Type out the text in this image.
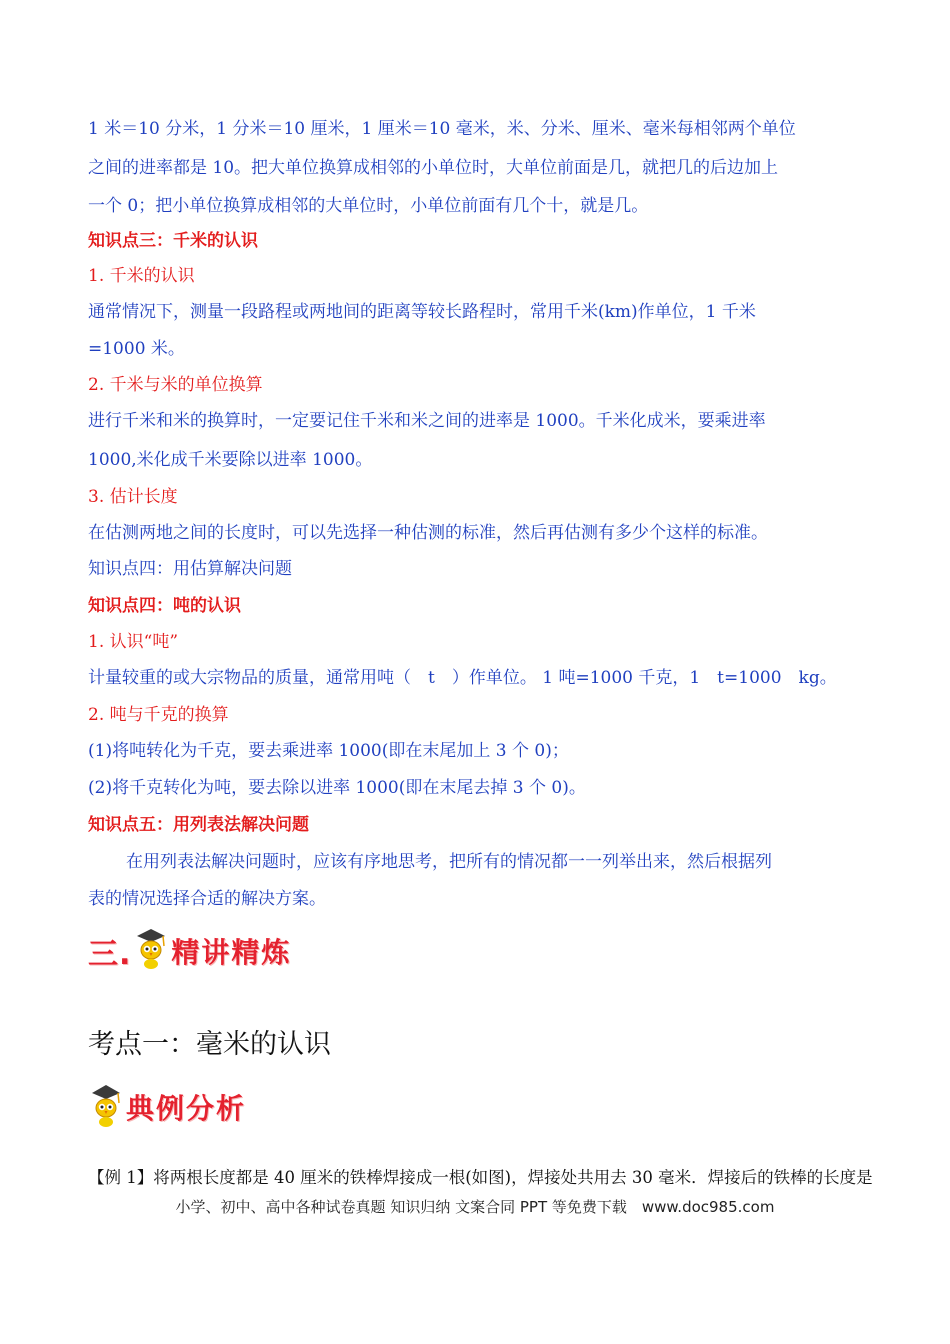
1 米＝10 分米，1 分米＝10 厘米，1 厘米＝10 毫米，米、分米、厘米、毫米每相邻两个单位
之间的进率都是 10。把大单位换算成相邻的小单位时，大单位前面是几，就把几的后边加上
一个 0；把小单位换算成相邻的大单位时，小单位前面有几个十，就是几。
知识点三：千米的认识
1. 千米的认识
通常情况下，测量一段路程或两地间的距离等较长路程时，常用千米(km)作单位，1 千米
=1000 米。
2. 千米与米的单位换算
进行千米和米的换算时，一定要记住千米和米之间的进率是 1000。千米化成米，要乘进率
1000,米化成千米要除以进率 1000。
3. 估计长度
在估测两地之间的长度时，可以先选择一种估测的标准，然后再估测有多少个这样的标准。
知识点四：用估算解决问题
知识点四：吨的认识
1. 认识“吨”
计量较重的或大宗物品的质量，通常用吨（　t　）作单位。 1 吨=1000 千克，1　t=1000　kg。
2. 吨与千克的换算
(1)将吨转化为千克，要去乘进率 1000(即在末尾加上 3 个 0)；
(2)将千克转化为吨，要去除以进率 1000(即在末尾去掉 3 个 0)。
知识点五：用列表法解决问题
在用列表法解决问题时，应该有序地思考，把所有的情况都一一列举出来，然后根据列
表的情况选择合适的解决方案。
三. 精讲精炼
考点一：毫米的认识
典例分析
【例 1】将两根长度都是 40 厘米的铁棒焊接成一根(如图)，焊接处共用去 30 毫米．焊接后的铁棒的长度是
小学、初中、高中各种试卷真题 知识归纳 文案合同 PPT 等免费下载　www.doc985.com
